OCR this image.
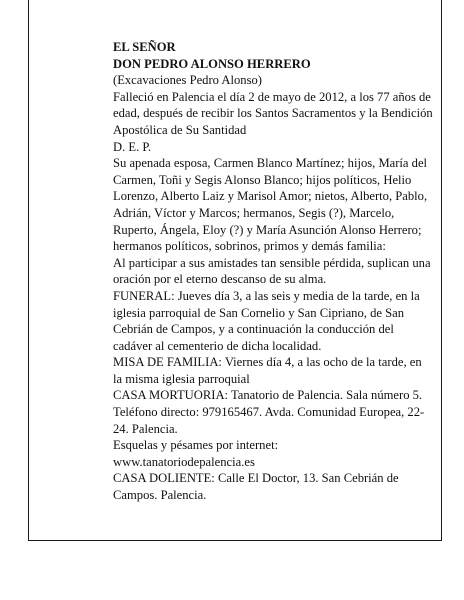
EL SEÑOR

DON PEDRO ALONSO HERRERO

(Excavaciones Pedro Alonso)

Falleció en Palencia el día 2 de mayo de 2012, a los 77 años de edad, después de recibir los Santos Sacramentos y la Bendición Apostólica de Su Santidad

D. E. P.

Su apenada esposa, Carmen Blanco Martínez; hijos, María del Carmen, Toñi y Segis Alonso Blanco; hijos políticos, Helio Lorenzo, Alberto Laiz y Marisol Amor; nietos, Alberto, Pablo, Adrián, Víctor y Marcos; hermanos, Segis (?), Marcelo, Ruperto, Ángela, Eloy (?) y María Asunción Alonso Herrero; hermanos políticos, sobrinos, primos y demás familia:

Al participar a sus amistades tan sensible pérdida, suplican una oración por el eterno descanso de su alma.

FUNERAL: Jueves día 3, a las seis y media de la tarde, en la iglesia parroquial de San Cornelio y San Cipriano, de San Cebrián de Campos, y a continuación la conducción del cadáver al cementerio de dicha localidad.

MISA DE FAMILIA: Viernes día 4, a las ocho de la tarde, en la misma iglesia parroquial

CASA MORTUORIA: Tanatorio de Palencia. Sala número 5. Teléfono directo: 979165467. Avda. Comunidad Europea, 22-24. Palencia.

Esquelas y pésames por internet:

www.tanatoriodepalencia.es

CASA DOLIENTE: Calle El Doctor, 13. San Cebrián de Campos. Palencia.
